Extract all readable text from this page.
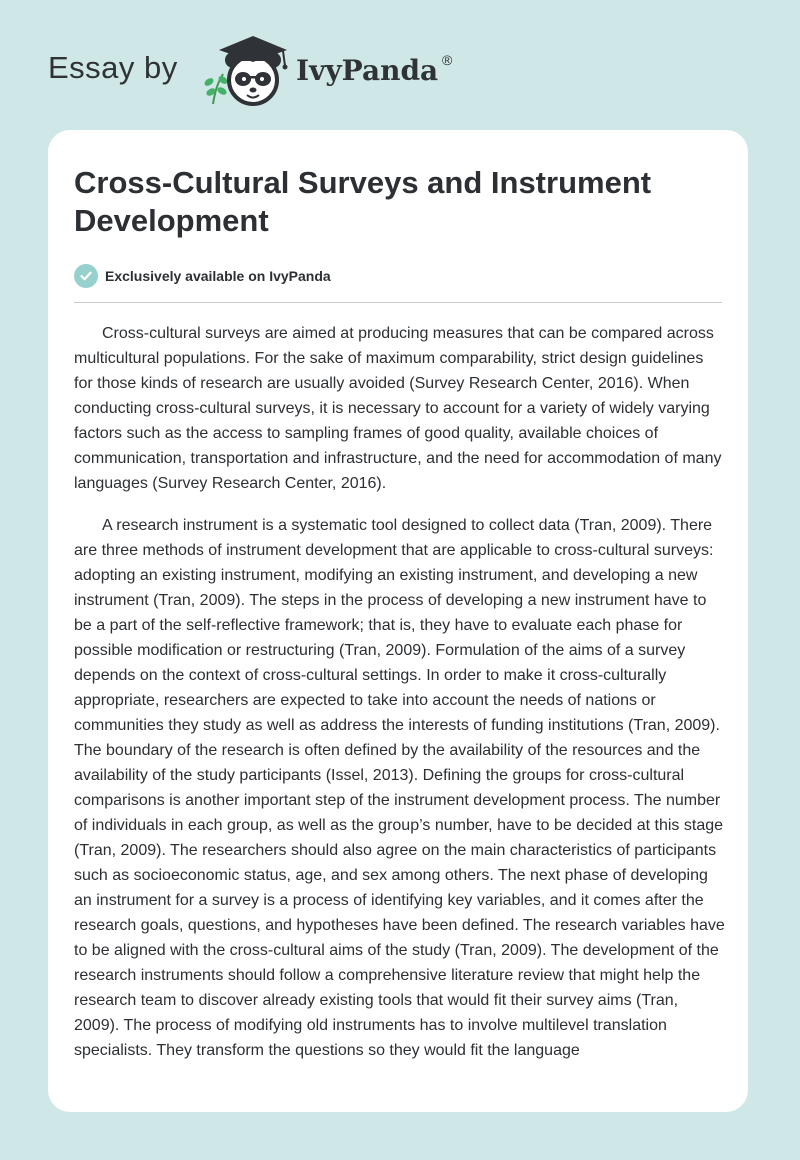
Essay by	IvyPanda ®
Cross-Cultural Surveys and Instrument Development
Exclusively available on IvyPanda

Cross-cultural surveys are aimed at producing measures that can be compared across multicultural populations. For the sake of maximum comparability, strict design guidelines for those kinds of research are usually avoided (Survey Research Center, 2016). When conducting cross-cultural surveys, it is necessary to account for a variety of widely varying factors such as the access to sampling frames of good quality, available choices of communication, transportation and infrastructure, and the need for accommodation of many languages (Survey Research Center, 2016).

A research instrument is a systematic tool designed to collect data (Tran, 2009). There are three methods of instrument development that are applicable to cross-cultural surveys: adopting an existing instrument, modifying an existing instrument, and developing a new instrument (Tran, 2009). The steps in the process of developing a new instrument have to be a part of the self-reflective framework; that is, they have to evaluate each phase for possible modification or restructuring (Tran, 2009). Formulation of the aims of a survey depends on the context of cross-cultural settings. In order to make it cross-culturally appropriate, researchers are expected to take into account the needs of nations or communities they study as well as address the interests of funding institutions (Tran, 2009). The boundary of the research is often defined by the availability of the resources and the availability of the study participants (Issel, 2013). Defining the groups for cross-cultural comparisons is another important step of the instrument development process. The number of individuals in each group, as well as the group’s number, have to be decided at this stage (Tran, 2009). The researchers should also agree on the main characteristics of participants such as socioeconomic status, age, and sex among others. The next phase of developing an instrument for a survey is a process of identifying key variables, and it comes after the research goals, questions, and hypotheses have been defined. The research variables have to be aligned with the cross-cultural aims of the study (Tran, 2009). The development of the research instruments should follow a comprehensive literature review that might help the research team to discover already existing tools that would fit their survey aims (Tran, 2009). The process of modifying old instruments has to involve multilevel translation specialists. They transform the questions so they would fit the language
